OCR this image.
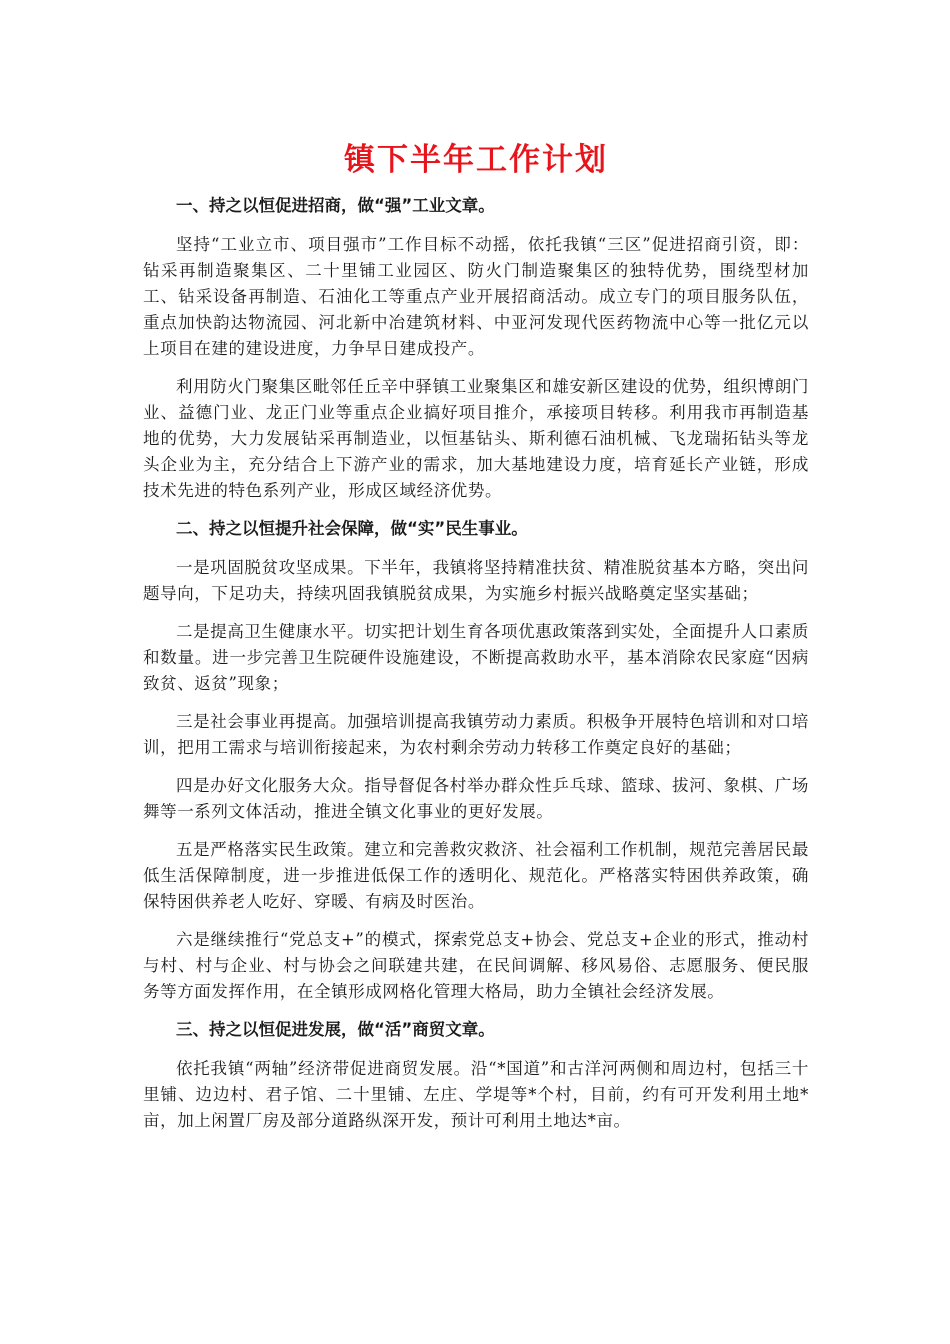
镇下半年工作计划
一、持之以恒促进招商，做“强”工业文章。

坚持“工业立市、项目强市”工作目标不动摇，依托我镇“三区”促进招商引资，即：钻采再制造聚集区、二十里铺工业园区、防火门制造聚集区的独特优势，围绕型材加工、钻采设备再制造、石油化工等重点产业开展招商活动。成立专门的项目服务队伍，重点加快韵达物流园、河北新中冶建筑材料、中亚河发现代医药物流中心等一批亿元以上项目在建的建设进度，力争早日建成投产。

利用防火门聚集区毗邻任丘辛中驿镇工业聚集区和雄安新区建设的优势，组织博朗门业、益德门业、龙正门业等重点企业搞好项目推介，承接项目转移。利用我市再制造基地的优势，大力发展钻采再制造业，以恒基钻头、斯利德石油机械、飞龙瑞拓钻头等龙头企业为主，充分结合上下游产业的需求，加大基地建设力度，培育延长产业链，形成技术先进的特色系列产业，形成区域经济优势。

二、持之以恒提升社会保障，做“实”民生事业。

一是巩固脱贫攻坚成果。下半年，我镇将坚持精准扶贫、精准脱贫基本方略，突出问题导向，下足功夫，持续巩固我镇脱贫成果，为实施乡村振兴战略奠定坚实基础；

二是提高卫生健康水平。切实把计划生育各项优惠政策落到实处，全面提升人口素质和数量。进一步完善卫生院硬件设施建设，不断提高救助水平，基本消除农民家庭“因病致贫、返贫”现象；

三是社会事业再提高。加强培训提高我镇劳动力素质。积极争开展特色培训和对口培训，把用工需求与培训衔接起来，为农村剩余劳动力转移工作奠定良好的基础；

四是办好文化服务大众。指导督促各村举办群众性乒乓球、篮球、拔河、象棋、广场舞等一系列文体活动，推进全镇文化事业的更好发展。

五是严格落实民生政策。建立和完善救灾救济、社会福利工作机制，规范完善居民最低生活保障制度，进一步推进低保工作的透明化、规范化。严格落实特困供养政策，确保特困供养老人吃好、穿暖、有病及时医治。

六是继续推行“党总支+”的模式，探索党总支+协会、党总支+企业的形式，推动村与村、村与企业、村与协会之间联建共建，在民间调解、移风易俗、志愿服务、便民服务等方面发挥作用，在全镇形成网格化管理大格局，助力全镇社会经济发展。

三、持之以恒促进发展，做“活”商贸文章。

依托我镇“两轴”经济带促进商贸发展。沿“*国道”和古洋河两侧和周边村，包括三十里铺、边边村、君子馆、二十里铺、左庄、学堤等*个村，目前，约有可开发利用土地*亩，加上闲置厂房及部分道路纵深开发，预计可利用土地达*亩。
